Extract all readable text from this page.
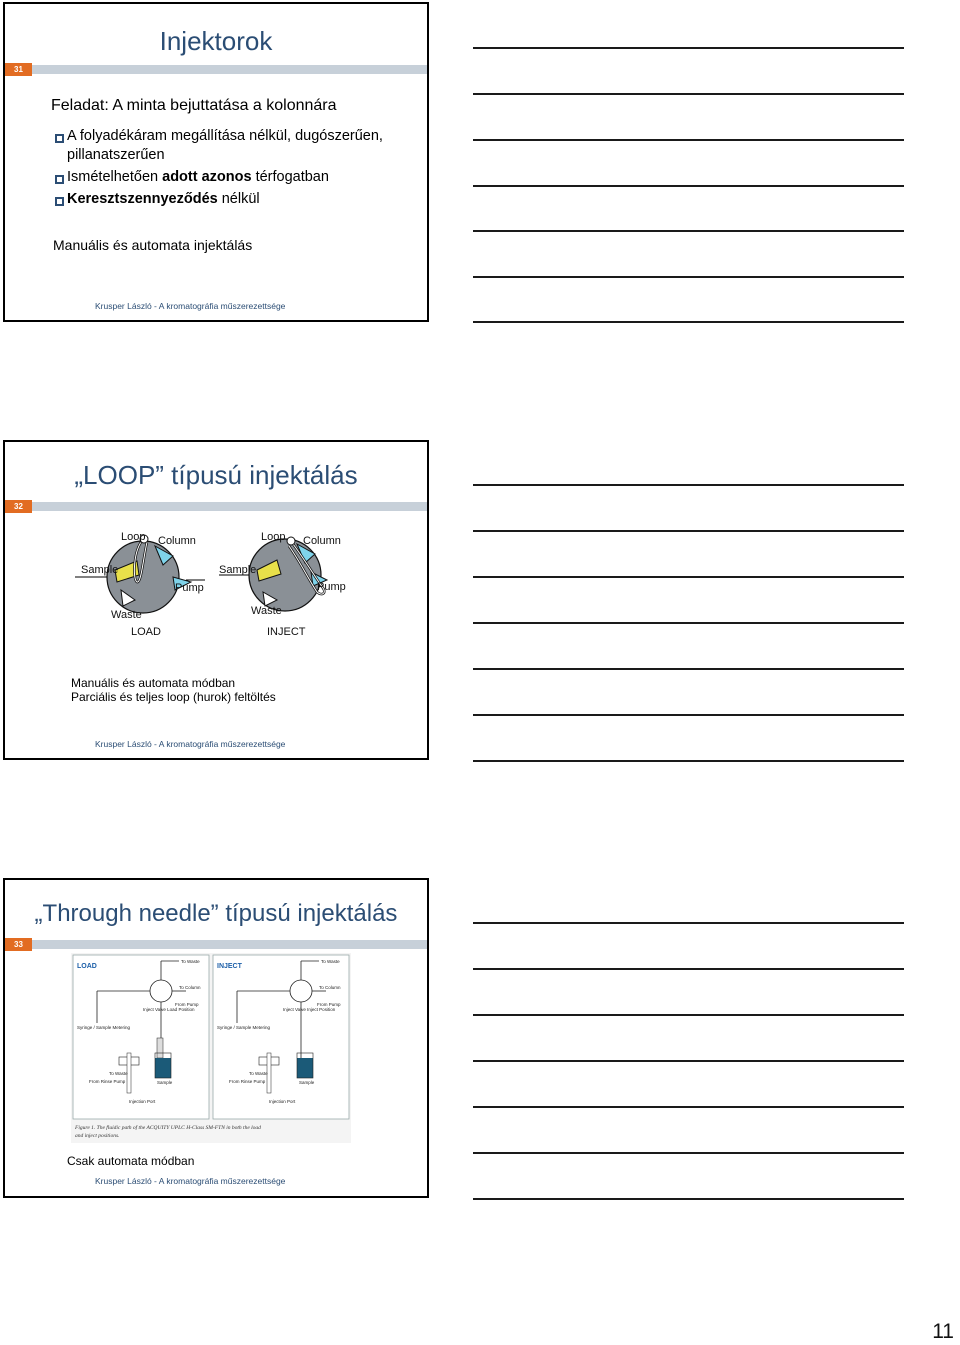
Injektorok
31
Feladat: A minta bejuttatása a kolonnára
A folyadékáram megállítása nélkül, dugószerűen,
pillanatszerűen
Ismételhetően adott azonos térfogatban
Keresztszennyeződés nélkül
Manuális és automata injektálás
Krusper László - A kromatográfia műszerezettsége
„LOOP” típusú injektálás
32
Loop Column
Sample
Pump
Waste
LOAD
Loop Column
Sample
Pump
Waste
INJECT
Manuális és automata módban
Parciális és teljes loop (hurok) feltöltés
Krusper László - A kromatográfia műszerezettsége
„Through needle” típusú injektálás
33
LOAD
To Waste
To Column
From Pump
Inject Valve Load Position
Syringe / Sample Metering
To Waste
Sample
From Rinse Pump
Injection Port
INJECT
To Waste
To Column
From Pump
Inject Valve Inject Position
Syringe / Sample Metering
To Waste
Sample
From Rinse Pump
Injection Port
Figure 1. The fluidic path of the ACQUITY UPLC H-Class SM-FTN in both the load
and inject positions.
Csak automata módban
Krusper László - A kromatográfia műszerezettsége
11
